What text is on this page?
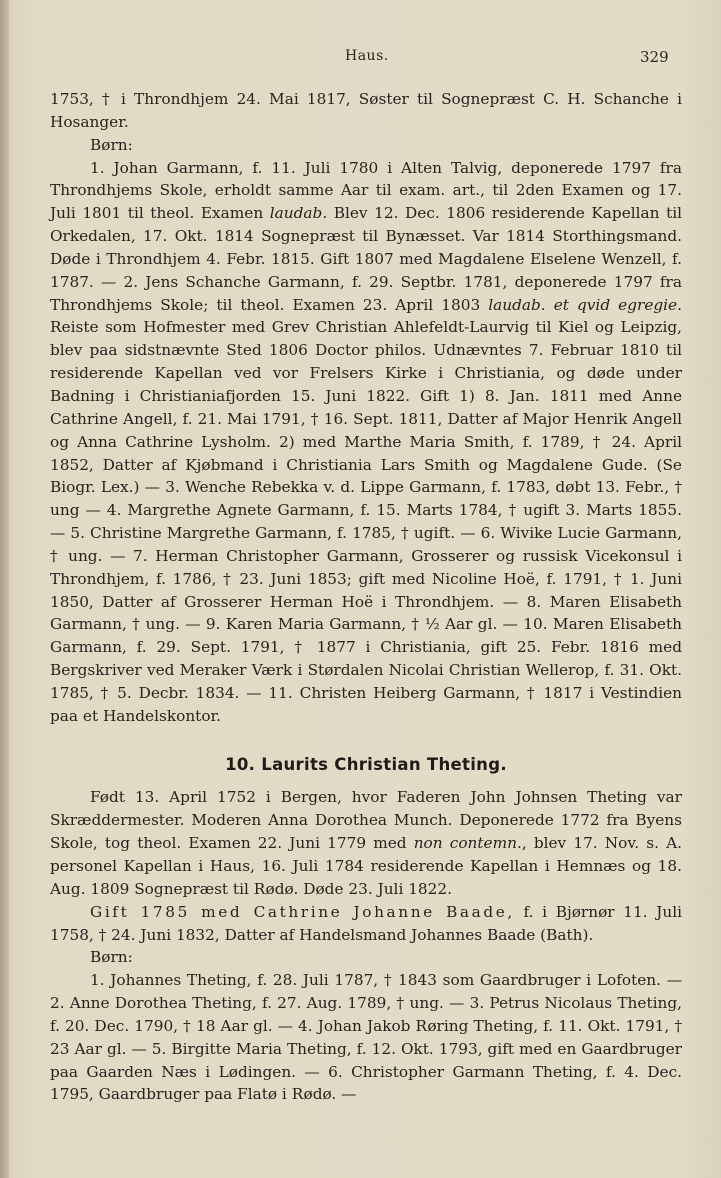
Haus.	329

1753, † i Throndhjem 24. Mai 1817, Søster til Sognepræst C. H. Schanche i Hosanger.

Børn:

1. Johan Garmann, f. 11. Juli 1780 i Alten Talvig, deponerede 1797 fra Throndhjems Skole, erholdt samme Aar til exam. art., til 2den Examen og 17. Juli 1801 til theol. Examen laudab. Blev 12. Dec. 1806 residerende Kapellan til Orkedalen, 17. Okt. 1814 Sognepræst til Bynæsset. Var 1814 Storthingsmand. Døde i Throndhjem 4. Febr. 1815. Gift 1807 med Magdalene Elselene Wenzell, f. 1787. — 2. Jens Schanche Garmann, f. 29. Septbr. 1781, deponerede 1797 fra Throndhjems Skole; til theol. Examen 23. April 1803 laudab. et qvid egregie. Reiste som Hofmester med Grev Christian Ahlefeldt-Laurvig til Kiel og Leipzig, blev paa sidstnævnte Sted 1806 Doctor philos. Udnævntes 7. Februar 1810 til residerende Kapellan ved vor Frelsers Kirke i Christiania, og døde under Badning i Christianiafjorden 15. Juni 1822. Gift 1) 8. Jan. 1811 med Anne Cathrine Angell, f. 21. Mai 1791, † 16. Sept. 1811, Datter af Major Henrik Angell og Anna Cathrine Lysholm. 2) med Marthe Maria Smith, f. 1789, † 24. April 1852, Datter af Kjøbmand i Christiania Lars Smith og Magdalene Gude. (Se Biogr. Lex.) — 3. Wenche Rebekka v. d. Lippe Garmann, f. 1783, døbt 13. Febr., † ung — 4. Margrethe Agnete Garmann, f. 15. Marts 1784, † ugift 3. Marts 1855. — 5. Christine Margrethe Garmann, f. 1785, † ugift. — 6. Wivike Lucie Garmann, † ung. — 7. Herman Christopher Garmann, Grosserer og russisk Vicekonsul i Throndhjem, f. 1786, † 23. Juni 1853; gift med Nicoline Hoë, f. 1791, † 1. Juni 1850, Datter af Grosserer Herman Hoë i Throndhjem. — 8. Maren Elisabeth Garmann, † ung. — 9. Karen Maria Garmann, † ½ Aar gl. — 10. Maren Elisabeth Garmann, f. 29. Sept. 1791, † 1877 i Christiania, gift 25. Febr. 1816 med Bergskriver ved Meraker Værk i Størdalen Nicolai Christian Wellerop, f. 31. Okt. 1785, † 5. Decbr. 1834. — 11. Christen Heiberg Garmann, † 1817 i Vestindien paa et Handelskontor.

10. Laurits Christian Theting.

Født 13. April 1752 i Bergen, hvor Faderen John Johnsen Theting var Skræddermester. Moderen Anna Dorothea Munch. Deponerede 1772 fra Byens Skole, tog theol. Examen 22. Juni 1779 med non contemn., blev 17. Nov. s. A. personel Kapellan i Haus, 16. Juli 1784 residerende Kapellan i Hemnæs og 18. Aug. 1809 Sognepræst til Rødø. Døde 23. Juli 1822.

Gift 1785 med Cathrine Johanne Baade, f. i Bjørnør 11. Juli 1758, † 24. Juni 1832, Datter af Handelsmand Johannes Baade (Bath).

Børn:

1. Johannes Theting, f. 28. Juli 1787, † 1843 som Gaardbruger i Lofoten. — 2. Anne Dorothea Theting, f. 27. Aug. 1789, † ung. — 3. Petrus Nicolaus Theting, f. 20. Dec. 1790, † 18 Aar gl. — 4. Johan Jakob Røring Theting, f. 11. Okt. 1791, † 23 Aar gl. — 5. Birgitte Maria Theting, f. 12. Okt. 1793, gift med en Gaardbruger paa Gaarden Næs i Lødingen. — 6. Christopher Garmann Theting, f. 4. Dec. 1795, Gaardbruger paa Flatø i Rødø. —
